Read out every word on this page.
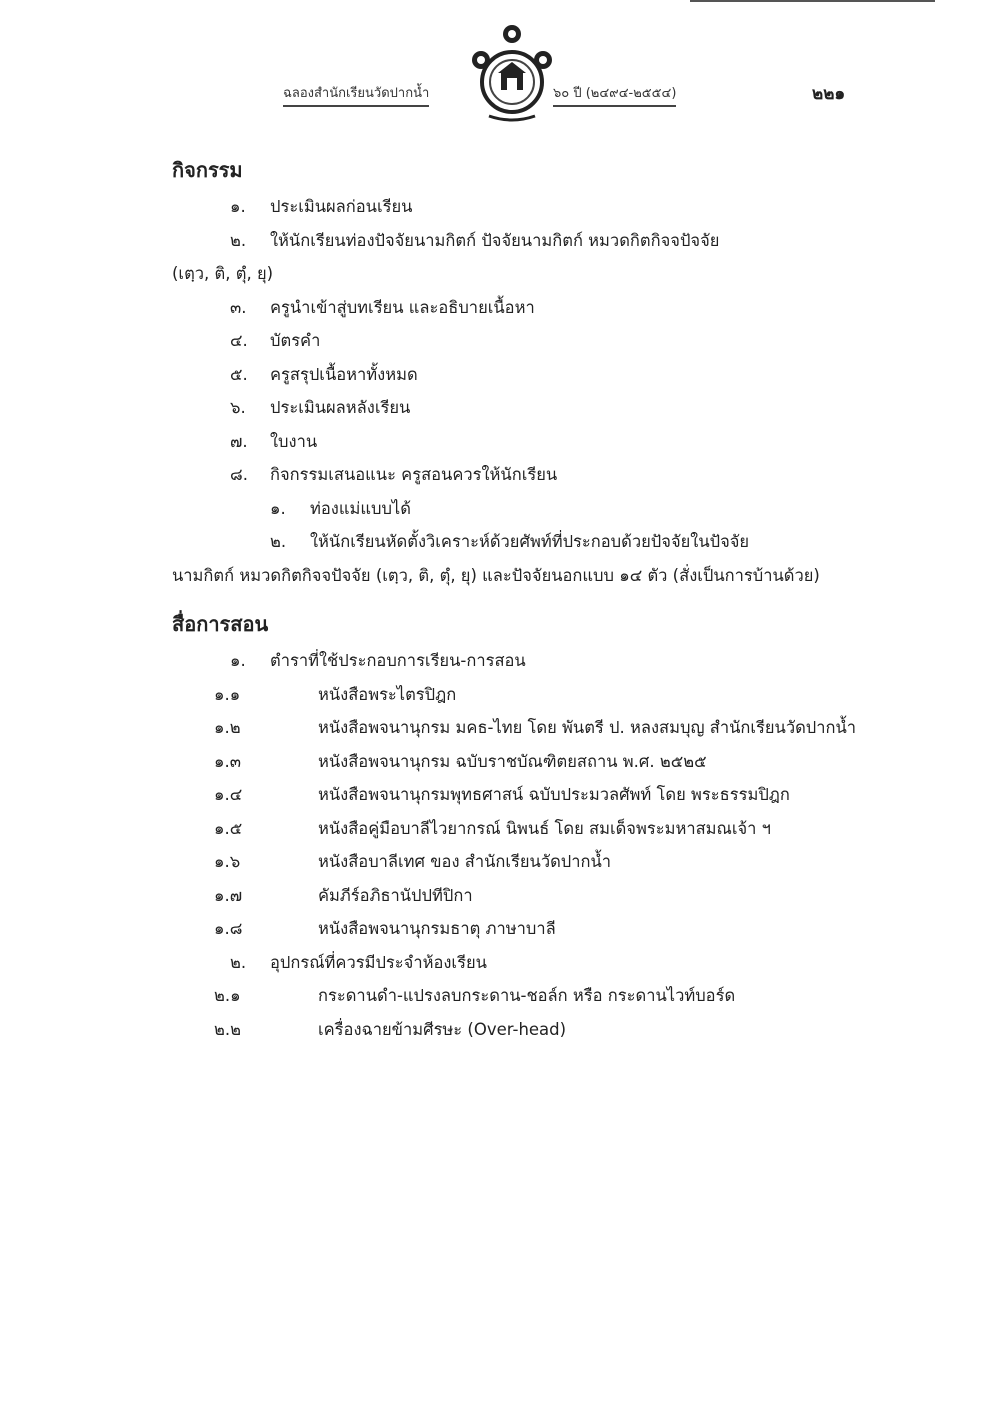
ฉลองสำนักเรียนวัดปากน้ำ	๖๐ ปี (๒๔๙๔-๒๕๕๔)	๒๒๑

กิจกรรม

๑. ประเมินผลก่อนเรียน

๒. ให้นักเรียนท่องปัจจัยนามกิตก์ ปัจจัยนามกิตก์ หมวดกิตกิจจปัจจัย

(เตฺว, ติ, ตุํ, ยุ)

๓. ครูนำเข้าสู่บทเรียน และอธิบายเนื้อหา

๔. บัตรคำ

๕. ครูสรุปเนื้อหาทั้งหมด

๖. ประเมินผลหลังเรียน

๗. ใบงาน

๘. กิจกรรมเสนอแนะ ครูสอนควรให้นักเรียน

๑. ท่องแม่แบบได้

๒. ให้นักเรียนหัดตั้งวิเคราะห์ด้วยศัพท์ที่ประกอบด้วยปัจจัยในปัจจัย

นามกิตก์ หมวดกิตกิจจปัจจัย (เตฺว, ติ, ตุํ, ยุ) และปัจจัยนอกแบบ ๑๔ ตัว (สั่งเป็นการบ้านด้วย)

สื่อการสอน

๑. ตำราที่ใช้ประกอบการเรียน-การสอน

๑.๑	หนังสือพระไตรปิฎก

๑.๒	หนังสือพจนานุกรม มคธ-ไทย โดย พันตรี ป. หลงสมบุญ สำนักเรียนวัดปากน้ำ

๑.๓	หนังสือพจนานุกรม ฉบับราชบัณฑิตยสถาน พ.ศ. ๒๕๒๕

๑.๔	หนังสือพจนานุกรมพุทธศาสน์ ฉบับประมวลศัพท์ โดย พระธรรมปิฎก

๑.๕	หนังสือคู่มือบาลีไวยากรณ์ นิพนธ์ โดย สมเด็จพระมหาสมณเจ้า ฯ

๑.๖	หนังสือบาลีเทศ ของ สำนักเรียนวัดปากน้ำ

๑.๗	คัมภีร์อภิธานัปปทีปิกา

๑.๘	หนังสือพจนานุกรมธาตุ ภาษาบาลี

๒. อุปกรณ์ที่ควรมีประจำห้องเรียน

๒.๑	กระดานดำ-แปรงลบกระดาน-ชอล์ก หรือ กระดานไวท์บอร์ด

๒.๒	เครื่องฉายข้ามศีรษะ (Over-head)
